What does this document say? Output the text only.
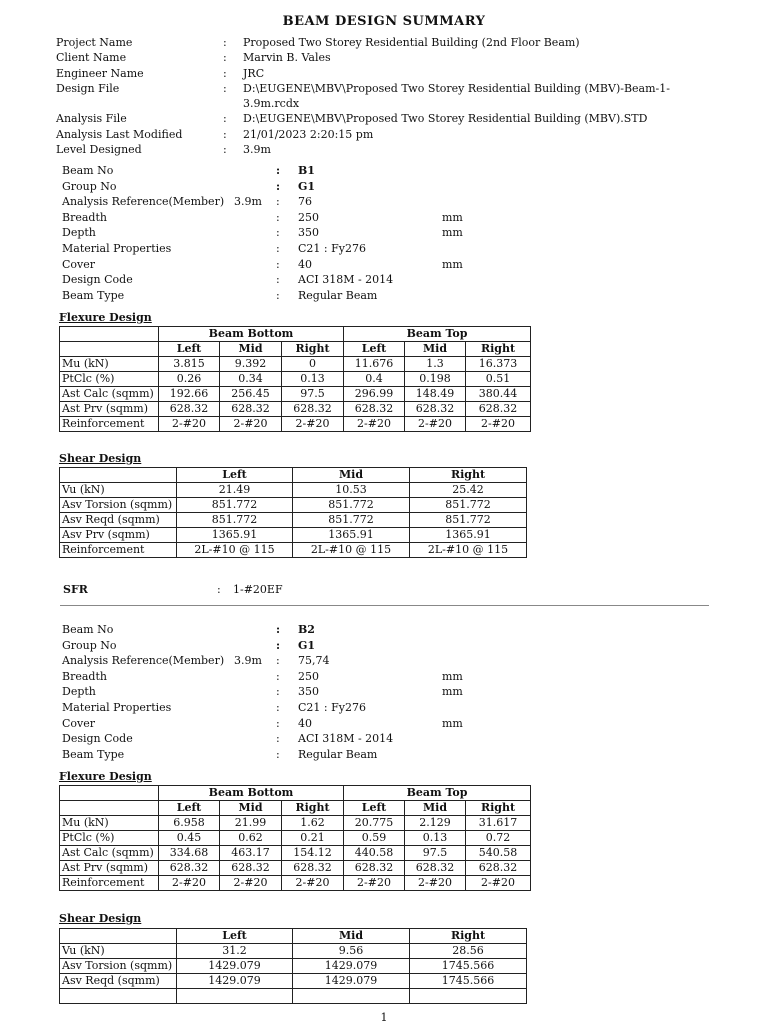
BEAM DESIGN SUMMARY
Project Name	:	Proposed Two Storey Residential Building (2nd Floor Beam)
Client Name	:	Marvin B. Vales
Engineer Name	:	JRC
Design File	:	D:\EUGENE\MBV\Proposed Two Storey Residential Building (MBV)-Beam-1-3.9m.rcdx
Analysis File	:	D:\EUGENE\MBV\Proposed Two Storey Residential Building (MBV).STD
Analysis Last Modified	:	21/01/2023 2:20:15 pm
Level Designed	:	3.9m
Beam No	:	B1
Group No	:	G1
Analysis Reference(Member) 3.9m	:	76
Breadth	:	250	mm
Depth	:	350	mm
Material Properties	:	C21 : Fy276
Cover	:	40	mm
Design Code	:	ACI 318M - 2014
Beam Type	:	Regular Beam
Flexure Design
	Beam Bottom			Beam Top		
	Left	Mid	Right	Left	Mid	Right
Mu (kN)	3.815	9.392	0	11.676	1.3	16.373
PtClc (%)	0.26	0.34	0.13	0.4	0.198	0.51
Ast Calc (sqmm)	192.66	256.45	97.5	296.99	148.49	380.44
Ast Prv (sqmm)	628.32	628.32	628.32	628.32	628.32	628.32
Reinforcement	2-#20	2-#20	2-#20	2-#20	2-#20	2-#20
Shear Design
	Left	Mid	Right
Vu (kN)	21.49	10.53	25.42
Asv Torsion (sqmm)	851.772	851.772	851.772
Asv Reqd (sqmm)	851.772	851.772	851.772
Asv Prv (sqmm)	1365.91	1365.91	1365.91
Reinforcement	2L-#10 @ 115	2L-#10 @ 115	2L-#10 @ 115
SFR	:	1-#20EF
Beam No	:	B2
Group No	:	G1
Analysis Reference(Member) 3.9m	:	75,74
Breadth	:	250	mm
Depth	:	350	mm
Material Properties	:	C21 : Fy276
Cover	:	40	mm
Design Code	:	ACI 318M - 2014
Beam Type	:	Regular Beam
Flexure Design
	Beam Bottom			Beam Top		
	Left	Mid	Right	Left	Mid	Right
Mu (kN)	6.958	21.99	1.62	20.775	2.129	31.617
PtClc (%)	0.45	0.62	0.21	0.59	0.13	0.72
Ast Calc (sqmm)	334.68	463.17	154.12	440.58	97.5	540.58
Ast Prv (sqmm)	628.32	628.32	628.32	628.32	628.32	628.32
Reinforcement	2-#20	2-#20	2-#20	2-#20	2-#20	2-#20
Shear Design
	Left	Mid	Right
Vu (kN)	31.2	9.56	28.56
Asv Torsion (sqmm)	1429.079	1429.079	1745.566
Asv Reqd (sqmm)	1429.079	1429.079	1745.566

1
